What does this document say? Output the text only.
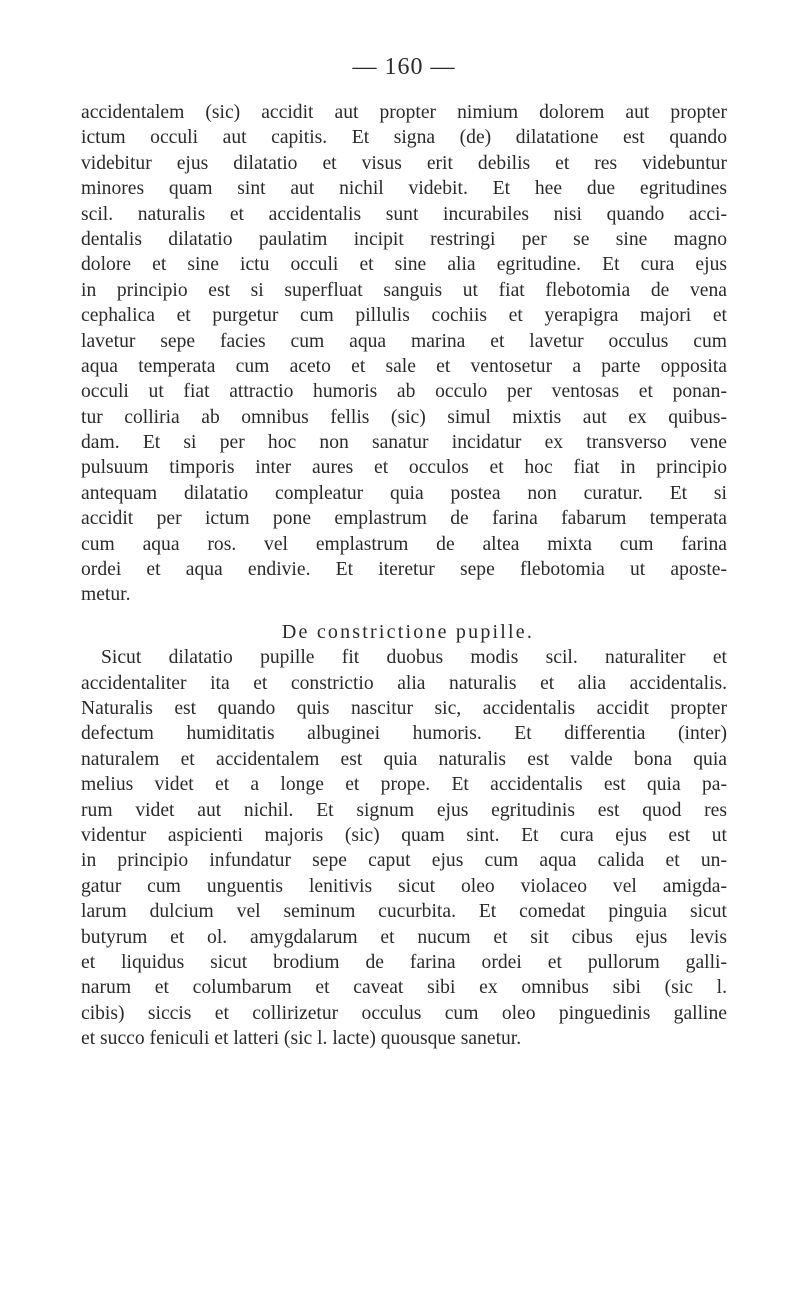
— 160 —
accidentalem (sic) accidit aut propter nimium dolorem aut propter
ictum occuli aut capitis. Et signa (de) dilatatione est quando
videbitur ejus dilatatio et visus erit debilis et res videbuntur
minores quam sint aut nichil videbit. Et hee due egritudines
scil. naturalis et accidentalis sunt incurabiles nisi quando acci-
dentalis dilatatio paulatim incipit restringi per se sine magno
dolore et sine ictu occuli et sine alia egritudine. Et cura ejus
in principio est si superfluat sanguis ut fiat flebotomia de vena
cephalica et purgetur cum pillulis cochiis et yerapigra majori et
lavetur sepe facies cum aqua marina et lavetur occulus cum
aqua temperata cum aceto et sale et ventosetur a parte opposita
occuli ut fiat attractio humoris ab occulo per ventosas et ponan-
tur colliria ab omnibus fellis (sic) simul mixtis aut ex quibus-
dam. Et si per hoc non sanatur incidatur ex transverso vene
pulsuum timporis inter aures et occulos et hoc fiat in principio
antequam dilatatio compleatur quia postea non curatur. Et si
accidit per ictum pone emplastrum de farina fabarum temperata
cum aqua ros. vel emplastrum de altea mixta cum farina
ordei et aqua endivie. Et iteretur sepe flebotomia ut aposte-
metur.
De constrictione pupille.
Sicut dilatatio pupille fit duobus modis scil. naturaliter et
accidentaliter ita et constrictio alia naturalis et alia accidentalis.
Naturalis est quando quis nascitur sic, accidentalis accidit propter
defectum humiditatis albuginei humoris. Et differentia (inter)
naturalem et accidentalem est quia naturalis est valde bona quia
melius videt et a longe et prope. Et accidentalis est quia pa-
rum videt aut nichil. Et signum ejus egritudinis est quod res
videntur aspicienti majoris (sic) quam sint. Et cura ejus est ut
in principio infundatur sepe caput ejus cum aqua calida et un-
gatur cum unguentis lenitivis sicut oleo violaceo vel amigda-
larum dulcium vel seminum cucurbita. Et comedat pinguia sicut
butyrum et ol. amygdalarum et nucum et sit cibus ejus levis
et liquidus sicut brodium de farina ordei et pullorum galli-
narum et columbarum et caveat sibi ex omnibus sibi (sic l.
cibis) siccis et collirizetur occulus cum oleo pinguedinis galline
et succo feniculi et latteri (sic l. lacte) quousque sanetur.
